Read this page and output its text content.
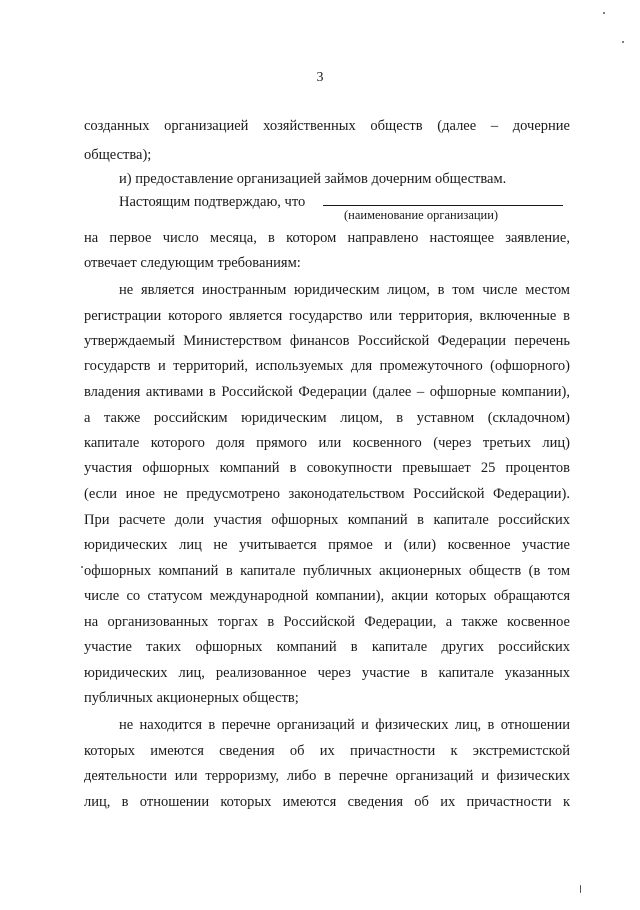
3
созданных организацией хозяйственных обществ (далее – дочерние
общества);
и) предоставление организацией займов дочерним обществам.
Настоящим подтверждаю, что
(наименование организации)
на первое число месяца, в котором направлено настоящее заявление,
отвечает следующим требованиям:
не является иностранным юридическим лицом, в том числе местом
регистрации которого является государство или территория, включенные в
утверждаемый Министерством финансов Российской Федерации перечень
государств и территорий, используемых для промежуточного (офшорного)
владения активами в Российской Федерации (далее – офшорные компании),
а также российским юридическим лицом, в уставном (складочном)
капитале которого доля прямого или косвенного (через третьих лиц)
участия офшорных компаний в совокупности превышает 25 процентов
(если иное не предусмотрено законодательством Российской Федерации).
При расчете доли участия офшорных компаний в капитале российских
юридических лиц не учитывается прямое и (или) косвенное участие
офшорных компаний в капитале публичных акционерных обществ (в том
числе со статусом международной компании), акции которых обращаются
на организованных торгах в Российской Федерации, а также косвенное
участие таких офшорных компаний в капитале других российских
юридических лиц, реализованное через участие в капитале указанных
публичных акционерных обществ;
не находится в перечне организаций и физических лиц, в отношении
которых имеются сведения об их причастности к экстремистской
деятельности или терроризму, либо в перечне организаций и физических
лиц, в отношении которых имеются сведения об их причастности к
